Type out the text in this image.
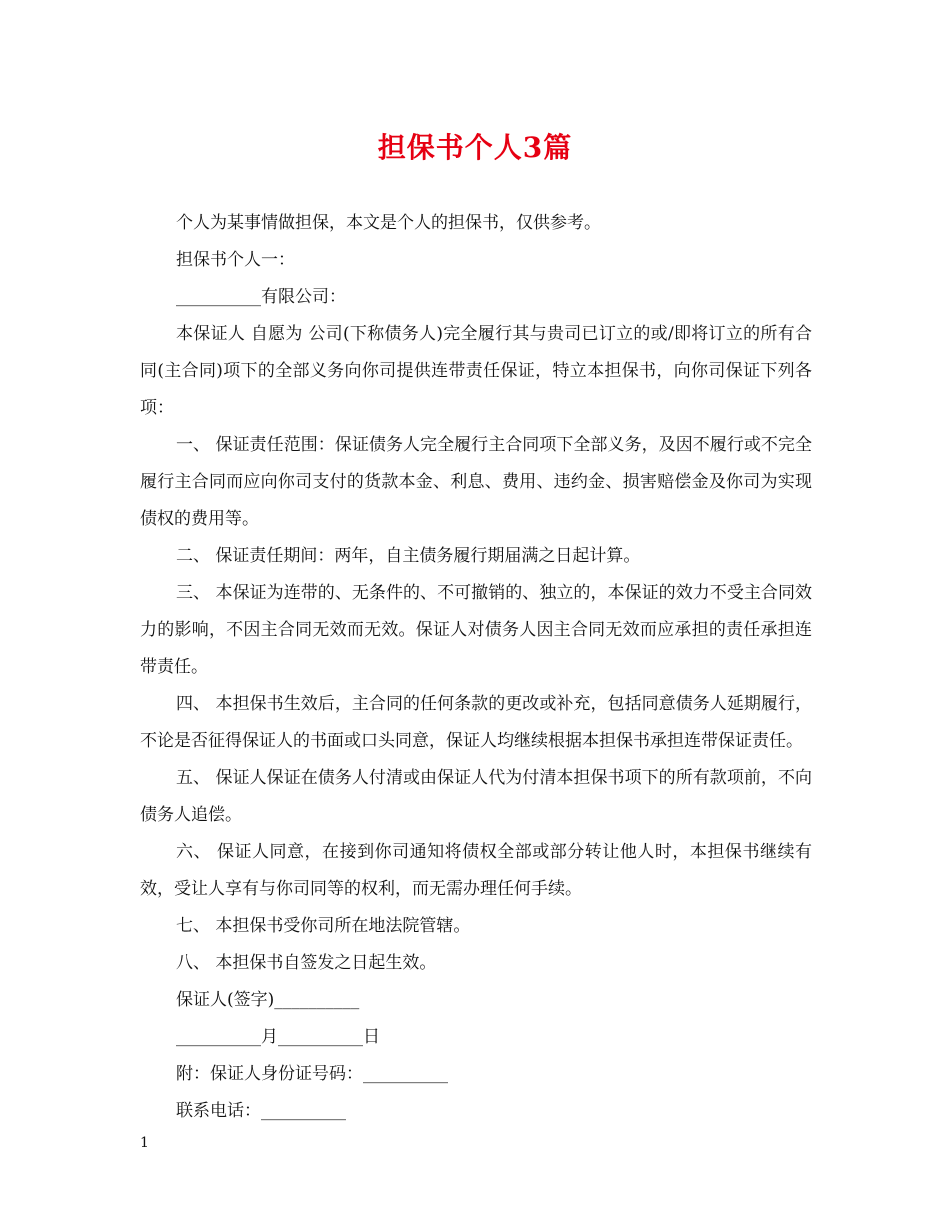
担保书个人3篇

个人为某事情做担保，本文是个人的担保书，仅供参考。

担保书个人一：

__________有限公司：

本保证人 自愿为 公司(下称债务人)完全履行其与贵司已订立的或/即将订立的所有合同(主合同)项下的全部义务向你司提供连带责任保证，特立本担保书，向你司保证下列各项：

一、 保证责任范围：保证债务人完全履行主合同项下全部义务，及因不履行或不完全履行主合同而应向你司支付的货款本金、利息、费用、违约金、损害赔偿金及你司为实现债权的费用等。

二、 保证责任期间：两年，自主债务履行期届满之日起计算。

三、 本保证为连带的、无条件的、不可撤销的、独立的，本保证的效力不受主合同效力的影响，不因主合同无效而无效。保证人对债务人因主合同无效而应承担的责任承担连带责任。

四、 本担保书生效后，主合同的任何条款的更改或补充，包括同意债务人延期履行，不论是否征得保证人的书面或口头同意，保证人均继续根据本担保书承担连带保证责任。

五、 保证人保证在债务人付清或由保证人代为付清本担保书项下的所有款项前，不向债务人追偿。

六、 保证人同意，在接到你司通知将债权全部或部分转让他人时，本担保书继续有效，受让人享有与你司同等的权利，而无需办理任何手续。

七、 本担保书受你司所在地法院管辖。

八、 本担保书自签发之日起生效。

保证人(签字)__________

__________月__________日

附：保证人身份证号码：__________

联系电话：__________

1
